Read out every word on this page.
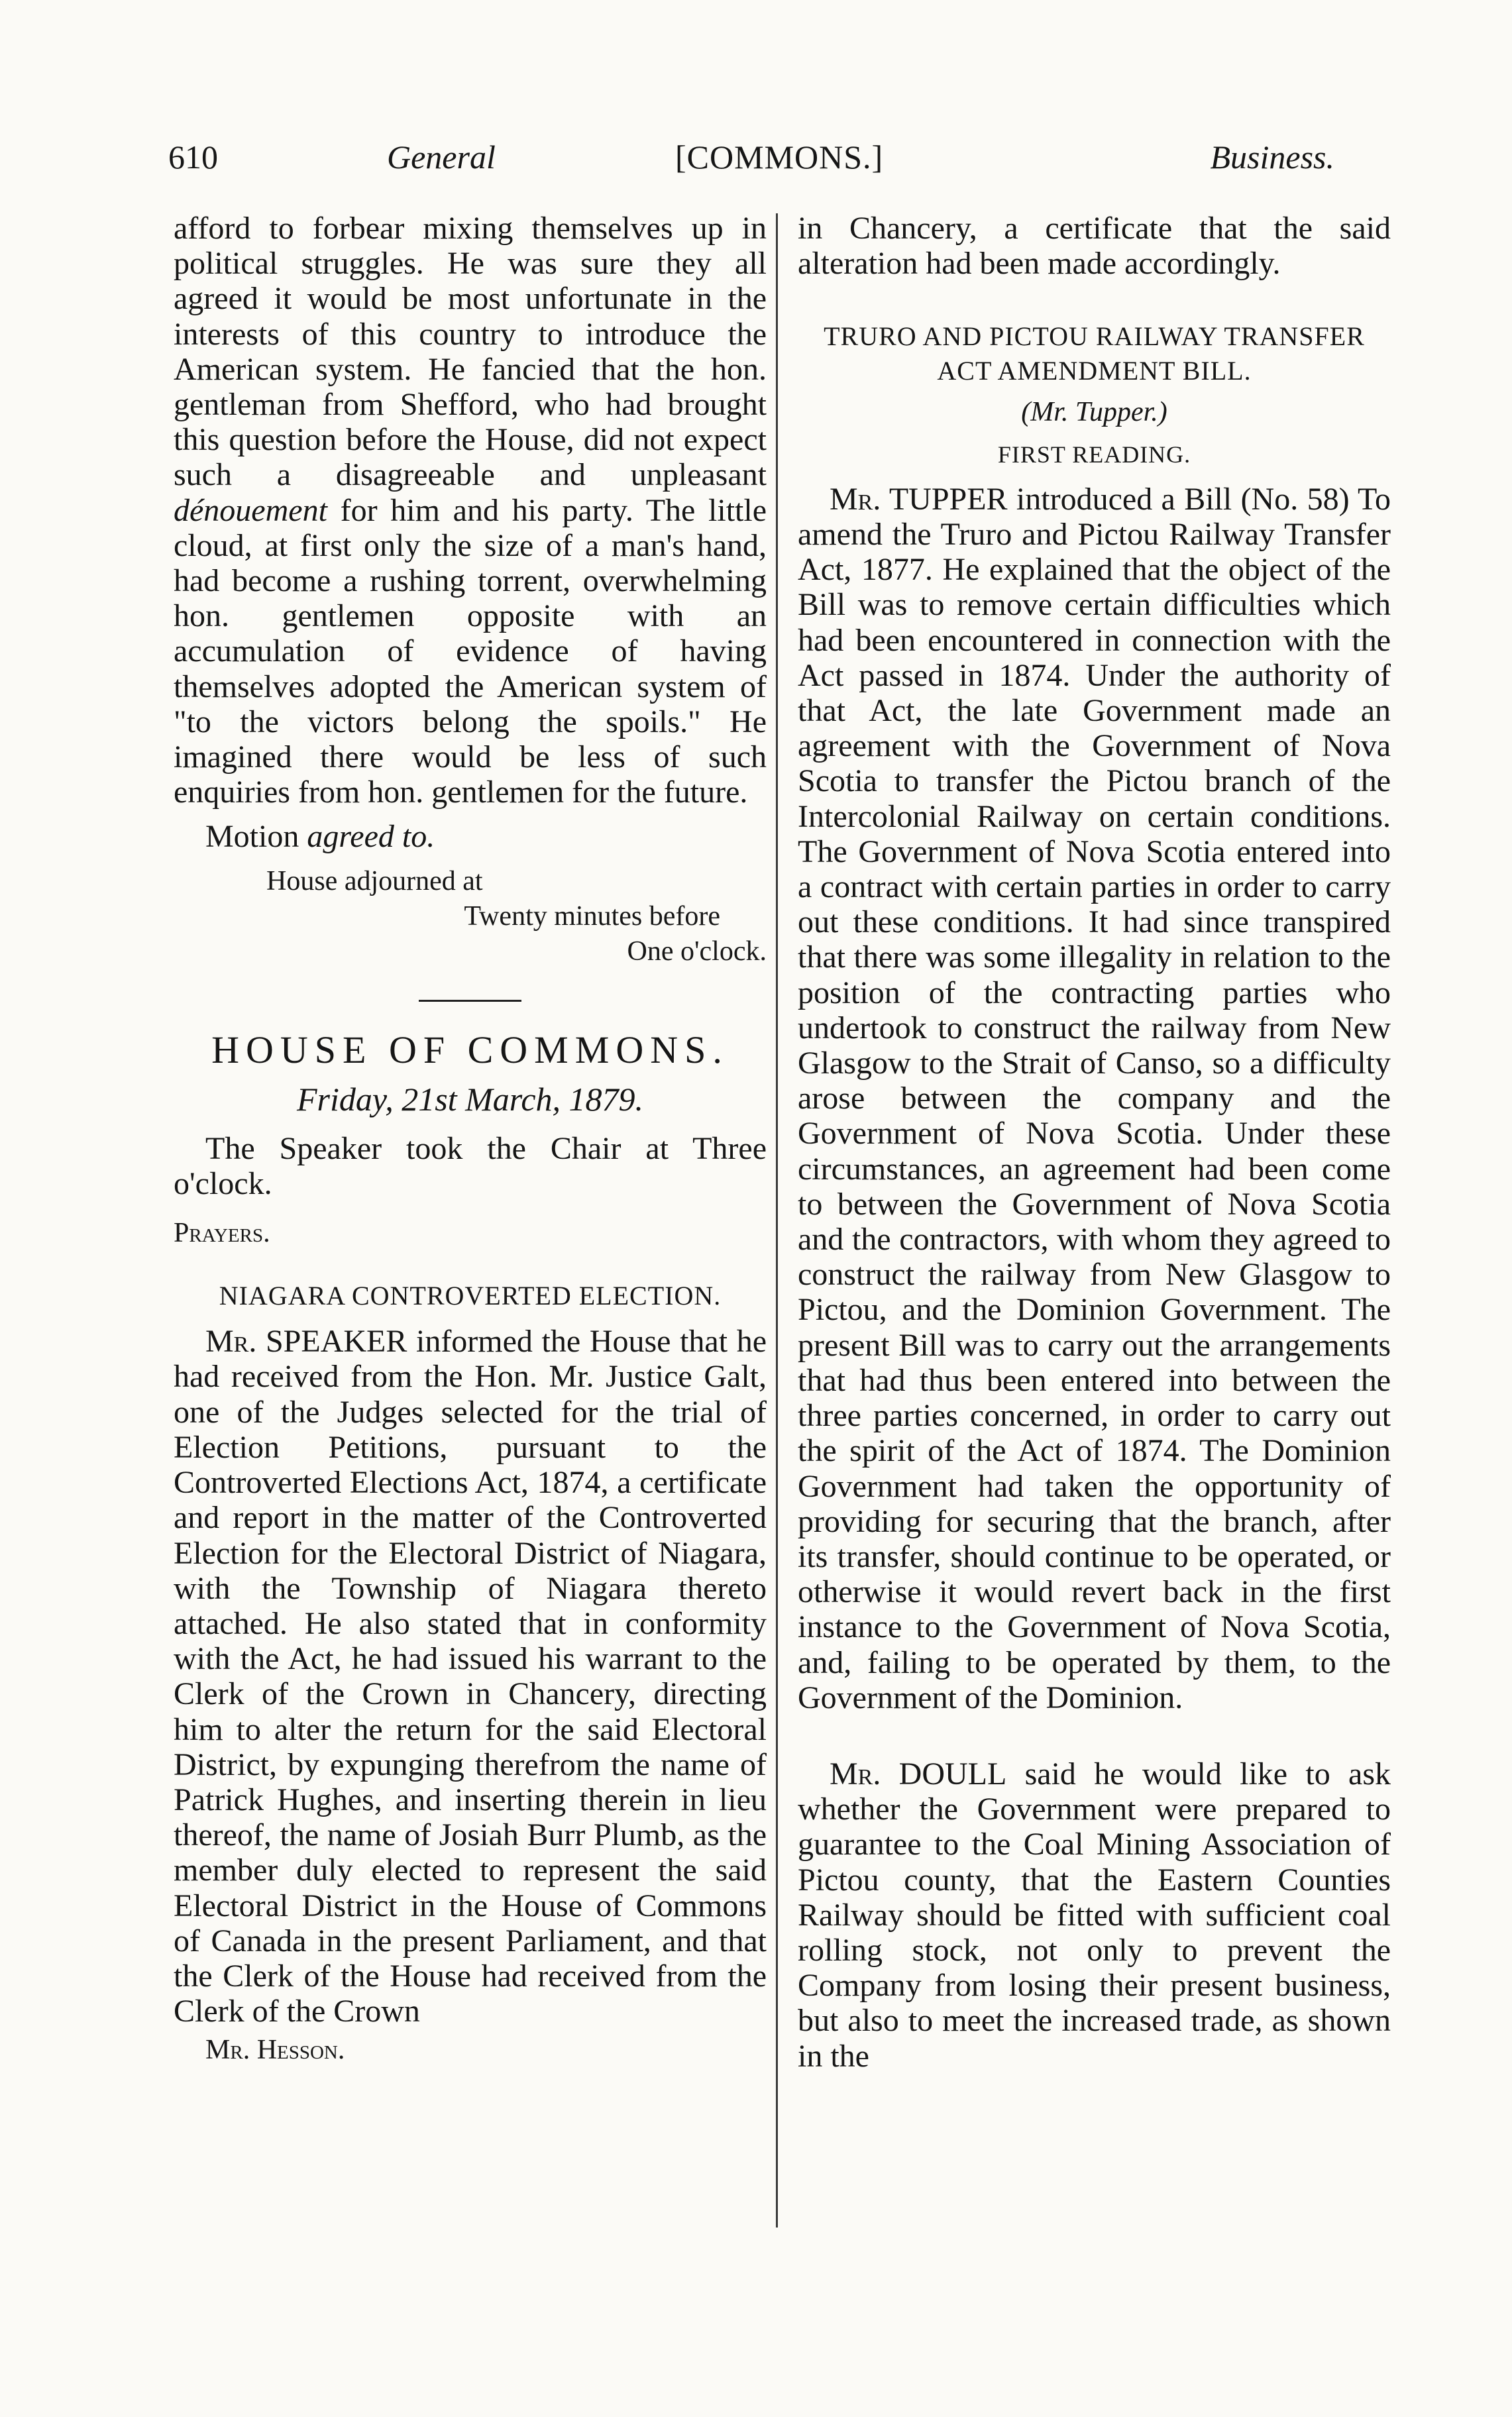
610	General	[COMMONS.]	Business.

afford to forbear mixing themselves up in political struggles. He was sure they all agreed it would be most unfortunate in the interests of this country to introduce the American system. He fancied that the hon. gentleman from Shefford, who had brought this question before the House, did not expect such a disagreeable and unpleasant dénouement for him and his party. The little cloud, at first only the size of a man's hand, had become a rushing torrent, overwhelming hon. gentlemen opposite with an accumulation of evidence of having themselves adopted the American system of "to the victors belong the spoils." He imagined there would be less of such enquiries from hon. gentlemen for the future.

Motion agreed to.

House adjourned at

Twenty minutes before

One o'clock.

HOUSE OF COMMONS.

Friday, 21st March, 1879.

The Speaker took the Chair at Three o'clock.

Prayers.

NIAGARA CONTROVERTED ELECTION.

Mr. SPEAKER informed the House that he had received from the Hon. Mr. Justice Galt, one of the Judges selected for the trial of Election Petitions, pursuant to the Controverted Elections Act, 1874, a certificate and report in the matter of the Controverted Election for the Electoral District of Niagara, with the Township of Niagara thereto attached. He also stated that in conformity with the Act, he had issued his warrant to the Clerk of the Crown in Chancery, directing him to alter the return for the said Electoral District, by expunging therefrom the name of Patrick Hughes, and inserting therein in lieu thereof, the name of Josiah Burr Plumb, as the member duly elected to represent the said Electoral District in the House of Commons of Canada in the present Parliament, and that the Clerk of the House had received from the Clerk of the Crown

Mr. Hesson.

in Chancery, a certificate that the said alteration had been made accordingly.

TRURO AND PICTOU RAILWAY TRANSFER ACT AMENDMENT BILL.

(Mr. Tupper.)

FIRST READING.

Mr. TUPPER introduced a Bill (No. 58) To amend the Truro and Pictou Railway Transfer Act, 1877. He explained that the object of the Bill was to remove certain difficulties which had been encountered in connection with the Act passed in 1874. Under the authority of that Act, the late Government made an agreement with the Government of Nova Scotia to transfer the Pictou branch of the Intercolonial Railway on certain conditions. The Government of Nova Scotia entered into a contract with certain parties in order to carry out these conditions. It had since transpired that there was some illegality in relation to the position of the contracting parties who undertook to construct the railway from New Glasgow to the Strait of Canso, so a difficulty arose between the company and the Government of Nova Scotia. Under these circumstances, an agreement had been come to between the Government of Nova Scotia and the contractors, with whom they agreed to construct the railway from New Glasgow to Pictou, and the Dominion Government. The present Bill was to carry out the arrangements that had thus been entered into between the three parties concerned, in order to carry out the spirit of the Act of 1874. The Dominion Government had taken the opportunity of providing for securing that the branch, after its transfer, should continue to be operated, or otherwise it would revert back in the first instance to the Government of Nova Scotia, and, failing to be operated by them, to the Government of the Dominion.

Mr. DOULL said he would like to ask whether the Government were prepared to guarantee to the Coal Mining Association of Pictou county, that the Eastern Counties Railway should be fitted with sufficient coal rolling stock, not only to prevent the Company from losing their present business, but also to meet the increased trade, as shown in the
